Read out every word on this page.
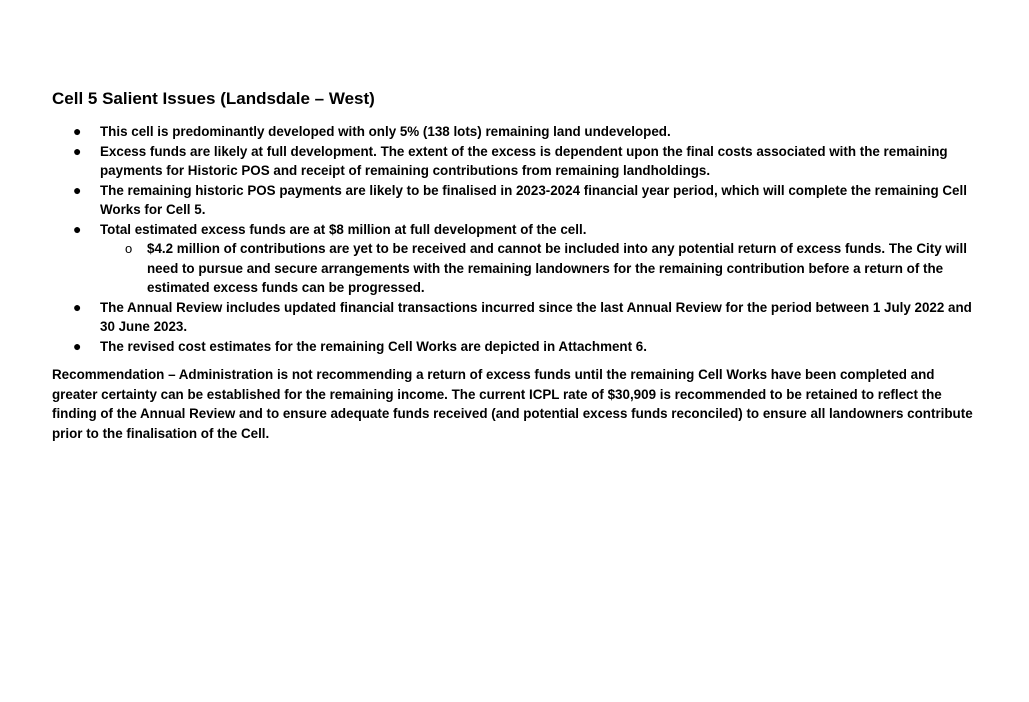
Cell 5 Salient Issues (Landsdale – West)
● This cell is predominantly developed with only 5% (138 lots) remaining land undeveloped.
● Excess funds are likely at full development. The extent of the excess is dependent upon the final costs associated with the remaining payments for Historic POS and receipt of remaining contributions from remaining landholdings.
● The remaining historic POS payments are likely to be finalised in 2023-2024 financial year period, which will complete the remaining Cell Works for Cell 5.
● Total estimated excess funds are at $8 million at full development of the cell.
o $4.2 million of contributions are yet to be received and cannot be included into any potential return of excess funds. The City will need to pursue and secure arrangements with the remaining landowners for the remaining contribution before a return of the estimated excess funds can be progressed.
● The Annual Review includes updated financial transactions incurred since the last Annual Review for the period between 1 July 2022 and 30 June 2023.
● The revised cost estimates for the remaining Cell Works are depicted in Attachment 6.

Recommendation – Administration is not recommending a return of excess funds until the remaining Cell Works have been completed and greater certainty can be established for the remaining income. The current ICPL rate of $30,909 is recommended to be retained to reflect the finding of the Annual Review and to ensure adequate funds received (and potential excess funds reconciled) to ensure all landowners contribute prior to the finalisation of the Cell.
